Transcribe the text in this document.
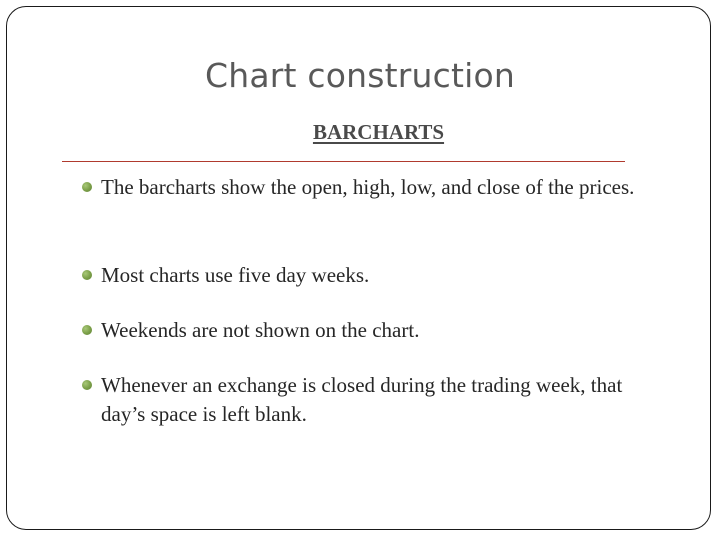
Chart construction
BARCHARTS
The barcharts show the open, high, low, and close of the prices.
Most charts use five day weeks.
Weekends are not shown on the chart.
Whenever an exchange is closed during the trading week, that day’s space is left blank.
